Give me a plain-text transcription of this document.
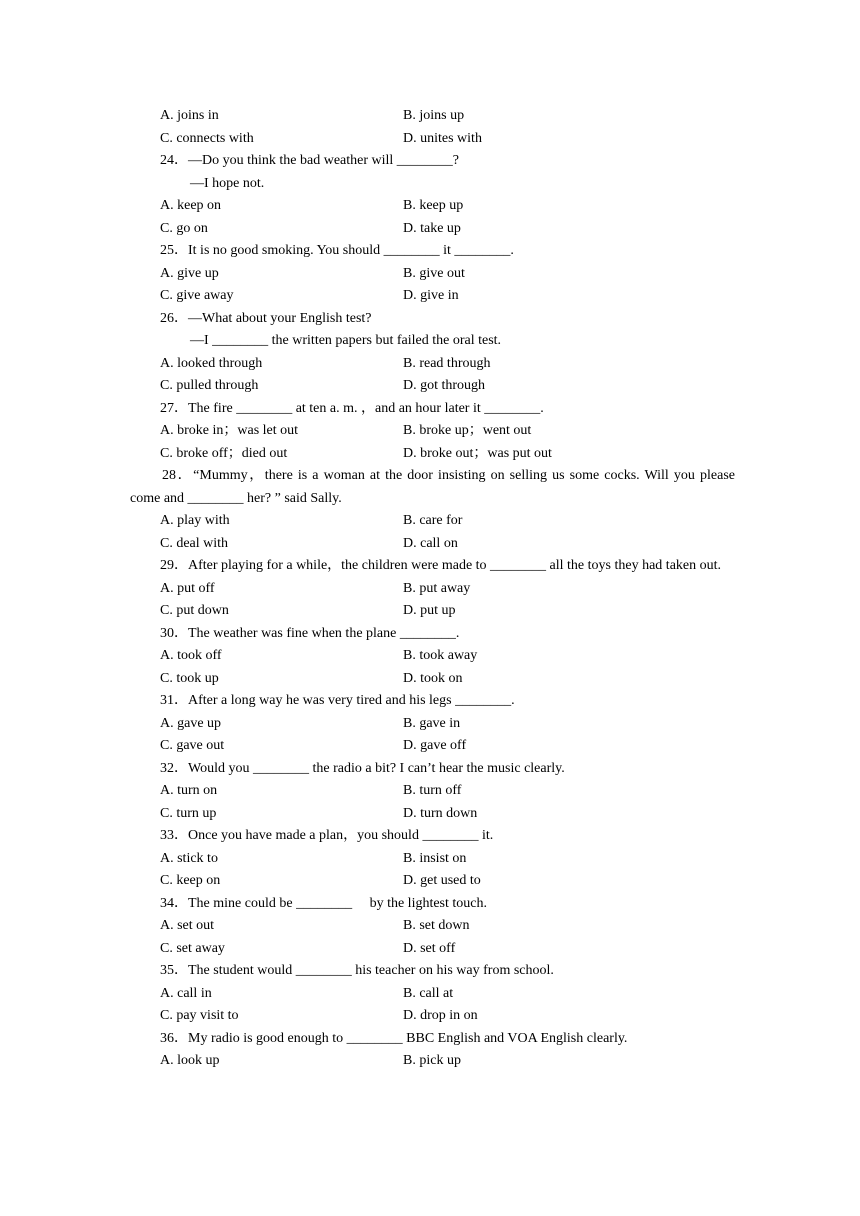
A. joins in	B. joins up
C. connects with	D. unites with
24．—Do you think the bad weather will ________?
—I hope not.
A. keep on	B. keep up
C. go on	D. take up
25．It is no good smoking. You should ________ it ________.
A. give up	B. give out
C. give away	D. give in
26．—What about your English test?
—I ________ the written papers but failed the oral test.
A. looked through	B. read through
C. pulled through	D. got through
27．The fire ________ at ten a. m. ，and an hour later it ________.
A. broke in；was let out	B. broke up；went out
C. broke off；died out	D. broke out；was put out
28．“Mummy，there is a woman at the door insisting on selling us some cocks. Will you please come and ________ her? ” said Sally.
A. play with	B. care for
C. deal with	D. call on
29．After playing for a while，the children were made to ________ all the toys they had taken out.
A. put off	B. put away
C. put down	D. put up
30．The weather was fine when the plane ________.
A. took off	B. took away
C. took up	D. took on
31．After a long way he was very tired and his legs ________.
A. gave up	B. gave in
C. gave out	D. gave off
32．Would you ________ the radio a bit? I can’t hear the music clearly.
A. turn on	B. turn off
C. turn up	D. turn down
33．Once you have made a plan，you should ________ it.
A. stick to	B. insist on
C. keep on	D. get used to
34．The mine could be ________　 by the lightest touch.
A. set out	B. set down
C. set away	D. set off
35．The student would ________ his teacher on his way from school.
A. call in	B. call at
C. pay visit to	D. drop in on
36．My radio is good enough to ________ BBC English and VOA English clearly.
A. look up	B. pick up
